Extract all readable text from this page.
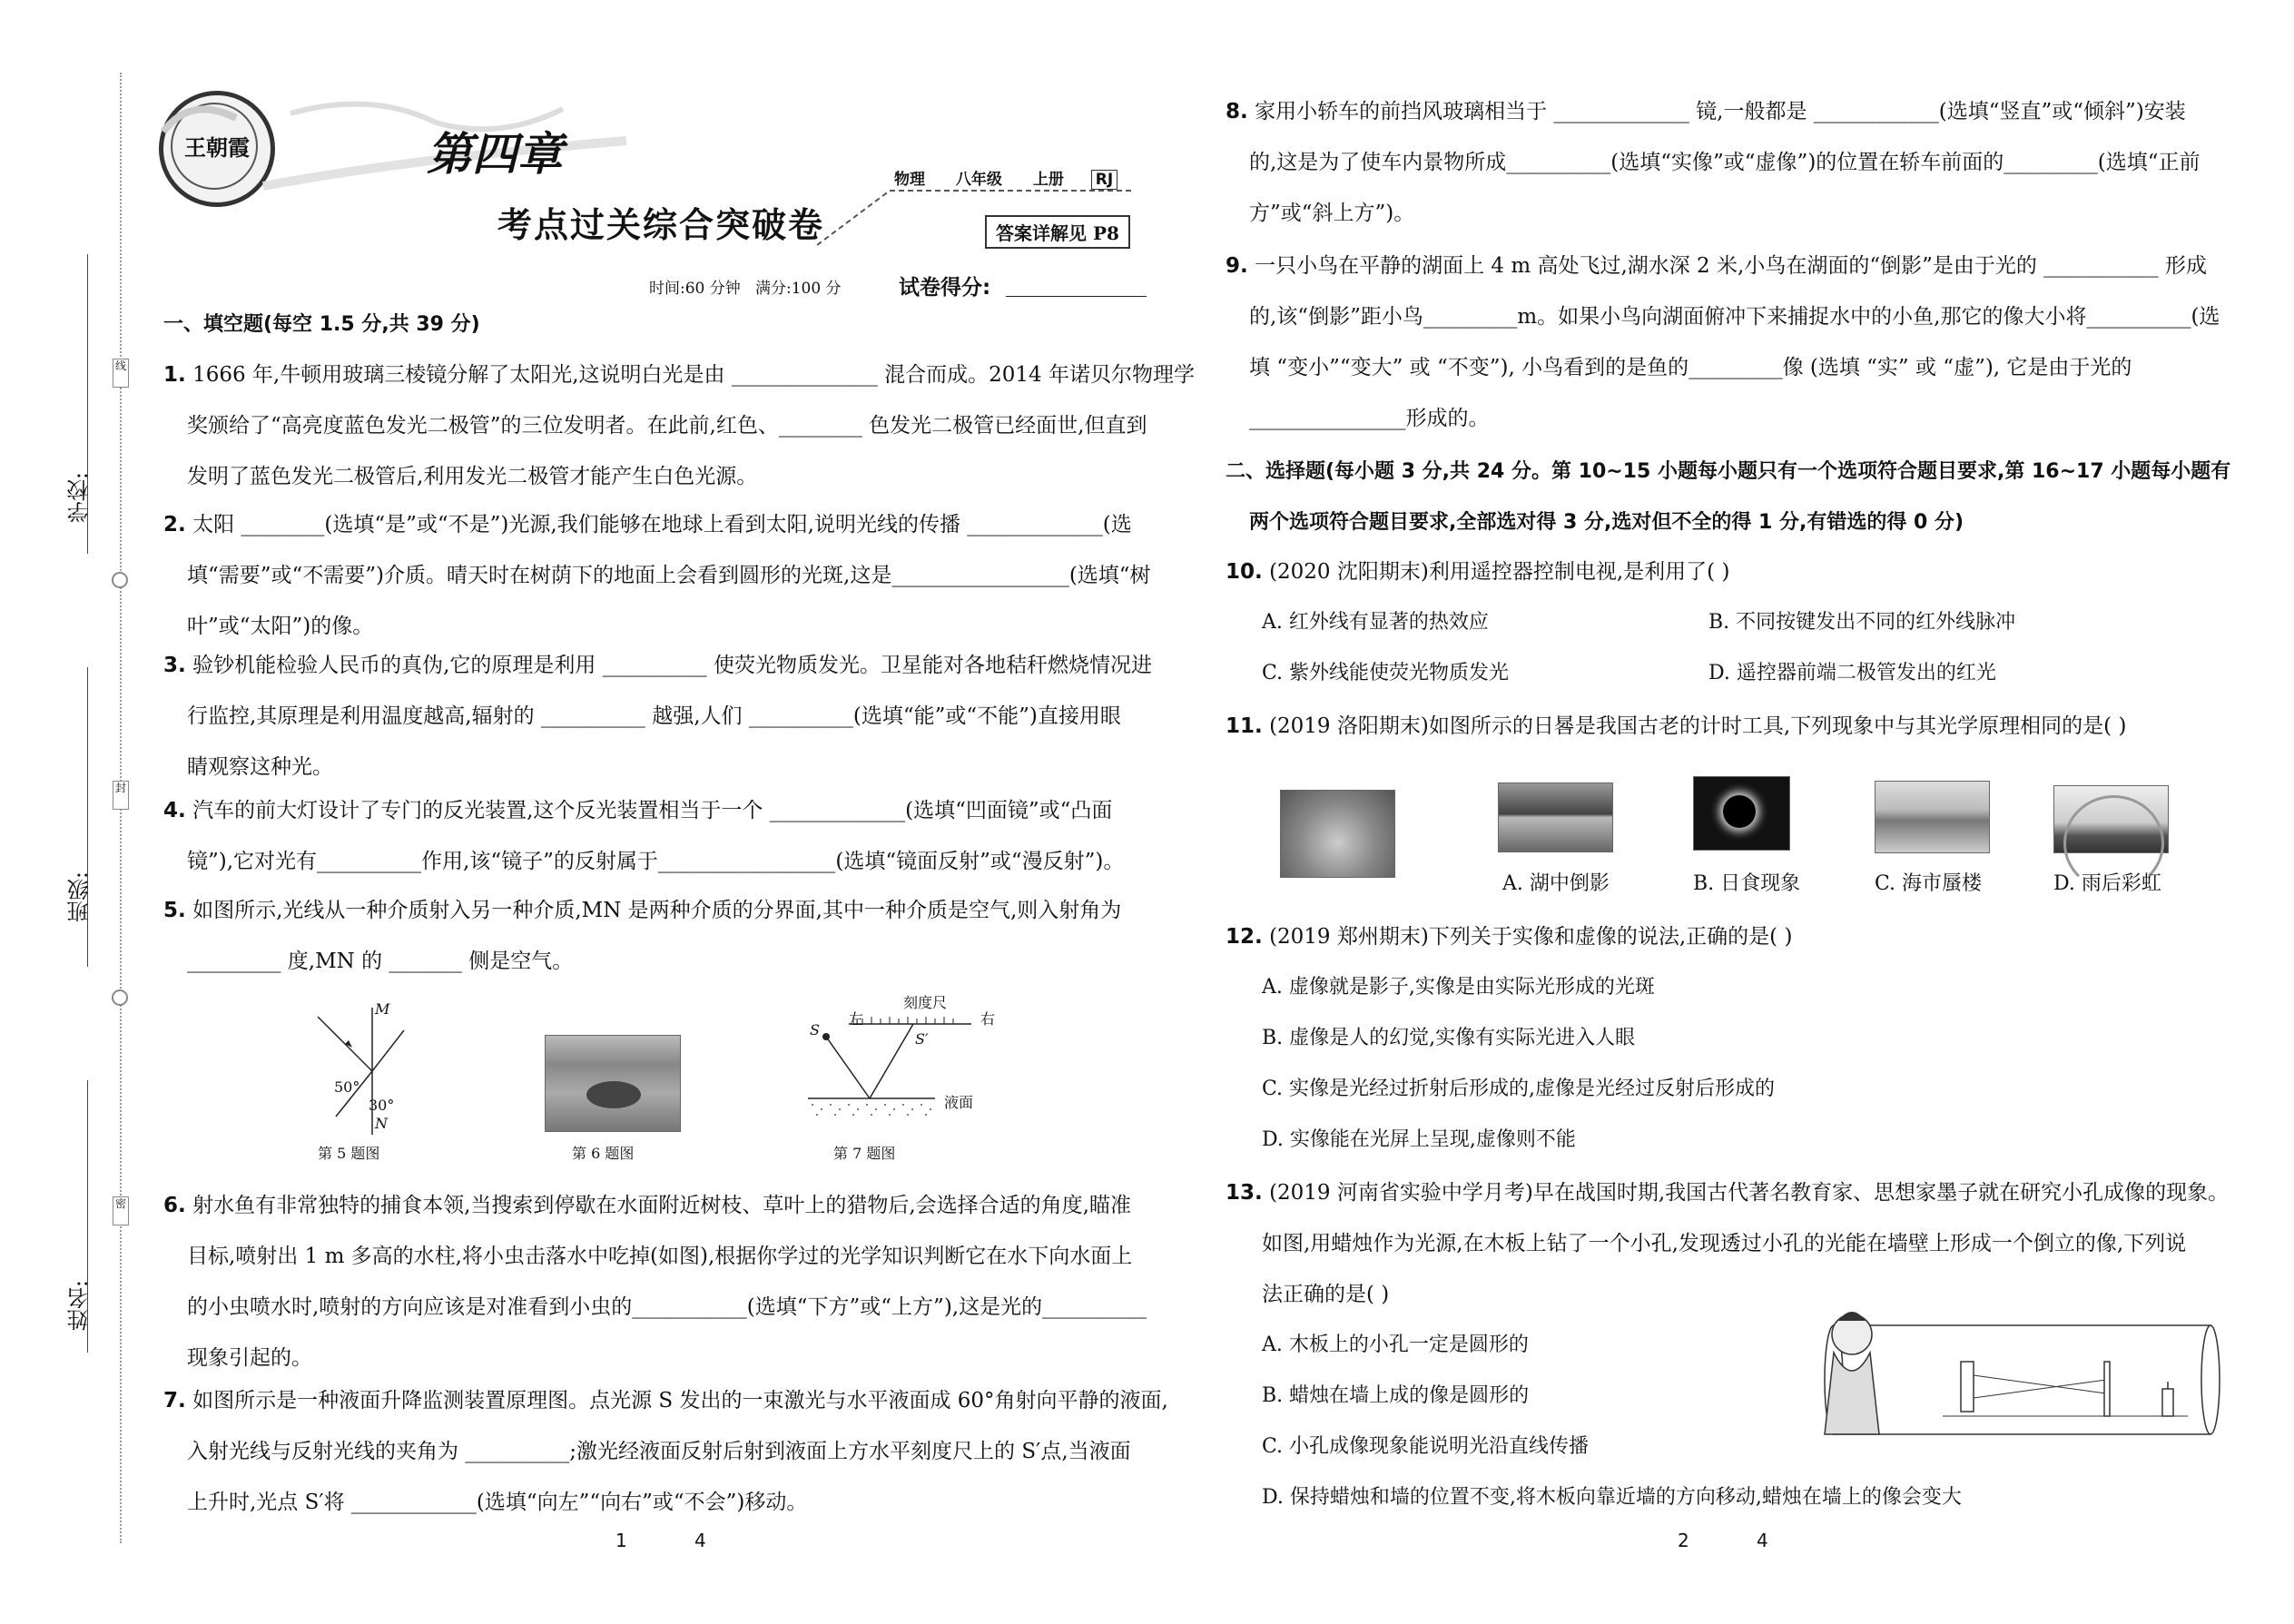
学校:
班级:
姓名:
线
封
密
王朝霞	第四章
考点过关综合突破卷
物理 八年级 上册 RJ
答案详解见 P8
时间:60 分钟   满分:100 分	试卷得分:
一、填空题(每空 1.5 分,共 39 分)
1. 1666 年,牛顿用玻璃三棱镜分解了太阳光,这说明白光是由 ______________ 混合而成。2014 年诺贝尔物理学
奖颁给了“高亮度蓝色发光二极管”的三位发明者。在此前,红色、________ 色发光二极管已经面世,但直到
发明了蓝色发光二极管后,利用发光二极管才能产生白色光源。
2. 太阳 ________(选填“是”或“不是”)光源,我们能够在地球上看到太阳,说明光线的传播 _____________(选
填“需要”或“不需要”)介质。晴天时在树荫下的地面上会看到圆形的光斑,这是_________________(选填“树
叶”或“太阳”)的像。
3. 验钞机能检验人民币的真伪,它的原理是利用 __________ 使荧光物质发光。卫星能对各地秸秆燃烧情况进
行监控,其原理是利用温度越高,辐射的 __________ 越强,人们 __________(选填“能”或“不能”)直接用眼
睛观察这种光。
4. 汽车的前大灯设计了专门的反光装置,这个反光装置相当于一个 _____________(选填“凹面镜”或“凸面
镜”),它对光有__________作用,该“镜子”的反射属于_________________(选填“镜面反射”或“漫反射”)。
5. 如图所示,光线从一种介质射入另一种介质,MN 是两种介质的分界面,其中一种介质是空气,则入射角为
_________ 度,MN 的 _______ 侧是空气。
M
N
50°
30°
第 5 题图	第 6 题图
S
S′
左
刻度尺
右
液面
第 7 题图
6. 射水鱼有非常独特的捕食本领,当搜索到停歇在水面附近树枝、草叶上的猎物后,会选择合适的角度,瞄准
目标,喷射出 1 m 多高的水柱,将小虫击落水中吃掉(如图),根据你学过的光学知识判断它在水下向水面上
的小虫喷水时,喷射的方向应该是对准看到小虫的___________(选填“下方”或“上方”),这是光的__________
现象引起的。
7. 如图所示是一种液面升降监测装置原理图。点光源 S 发出的一束激光与水平液面成 60°角射向平静的液面,
入射光线与反射光线的夹角为 __________;激光经液面反射后射到液面上方水平刻度尺上的 S′点,当液面
上升时,光点 S′将 ____________(选填“向左”“向右”或“不会”)移动。
1	4
8. 家用小轿车的前挡风玻璃相当于 _____________ 镜,一般都是 ____________(选填“竖直”或“倾斜”)安装
的,这是为了使车内景物所成__________(选填“实像”或“虚像”)的位置在轿车前面的_________(选填“正前
方”或“斜上方”)。
9. 一只小鸟在平静的湖面上 4 m 高处飞过,湖水深 2 米,小鸟在湖面的“倒影”是由于光的 ___________ 形成
的,该“倒影”距小鸟_________m。如果小鸟向湖面俯冲下来捕捉水中的小鱼,那它的像大小将__________(选
填 “变小”“变大” 或 “不变”), 小鸟看到的是鱼的_________像 (选填 “实” 或 “虚”), 它是由于光的
_______________形成的。
二、选择题(每小题 3 分,共 24 分。第 10~15 小题每小题只有一个选项符合题目要求,第 16~17 小题每小题有
两个选项符合题目要求,全部选对得 3 分,选对但不全的得 1 分,有错选的得 0 分)
10. (2020 沈阳期末)利用遥控器控制电视,是利用了( )
A. 红外线有显著的热效应	B. 不同按键发出不同的红外线脉冲
C. 紫外线能使荧光物质发光	D. 遥控器前端二极管发出的红光
11. (2019 洛阳期末)如图所示的日晷是我国古老的计时工具,下列现象中与其光学原理相同的是( )
A. 湖中倒影	B. 日食现象	C. 海市蜃楼	D. 雨后彩虹
12. (2019 郑州期末)下列关于实像和虚像的说法,正确的是( )
A. 虚像就是影子,实像是由实际光形成的光斑
B. 虚像是人的幻觉,实像有实际光进入人眼
C. 实像是光经过折射后形成的,虚像是光经过反射后形成的
D. 实像能在光屏上呈现,虚像则不能
13. (2019 河南省实验中学月考)早在战国时期,我国古代著名教育家、思想家墨子就在研究小孔成像的现象。
如图,用蜡烛作为光源,在木板上钻了一个小孔,发现透过小孔的光能在墙壁上形成一个倒立的像,下列说
法正确的是( )
A. 木板上的小孔一定是圆形的
B. 蜡烛在墙上成的像是圆形的
C. 小孔成像现象能说明光沿直线传播
D. 保持蜡烛和墙的位置不变,将木板向靠近墙的方向移动,蜡烛在墙上的像会变大
2	4
